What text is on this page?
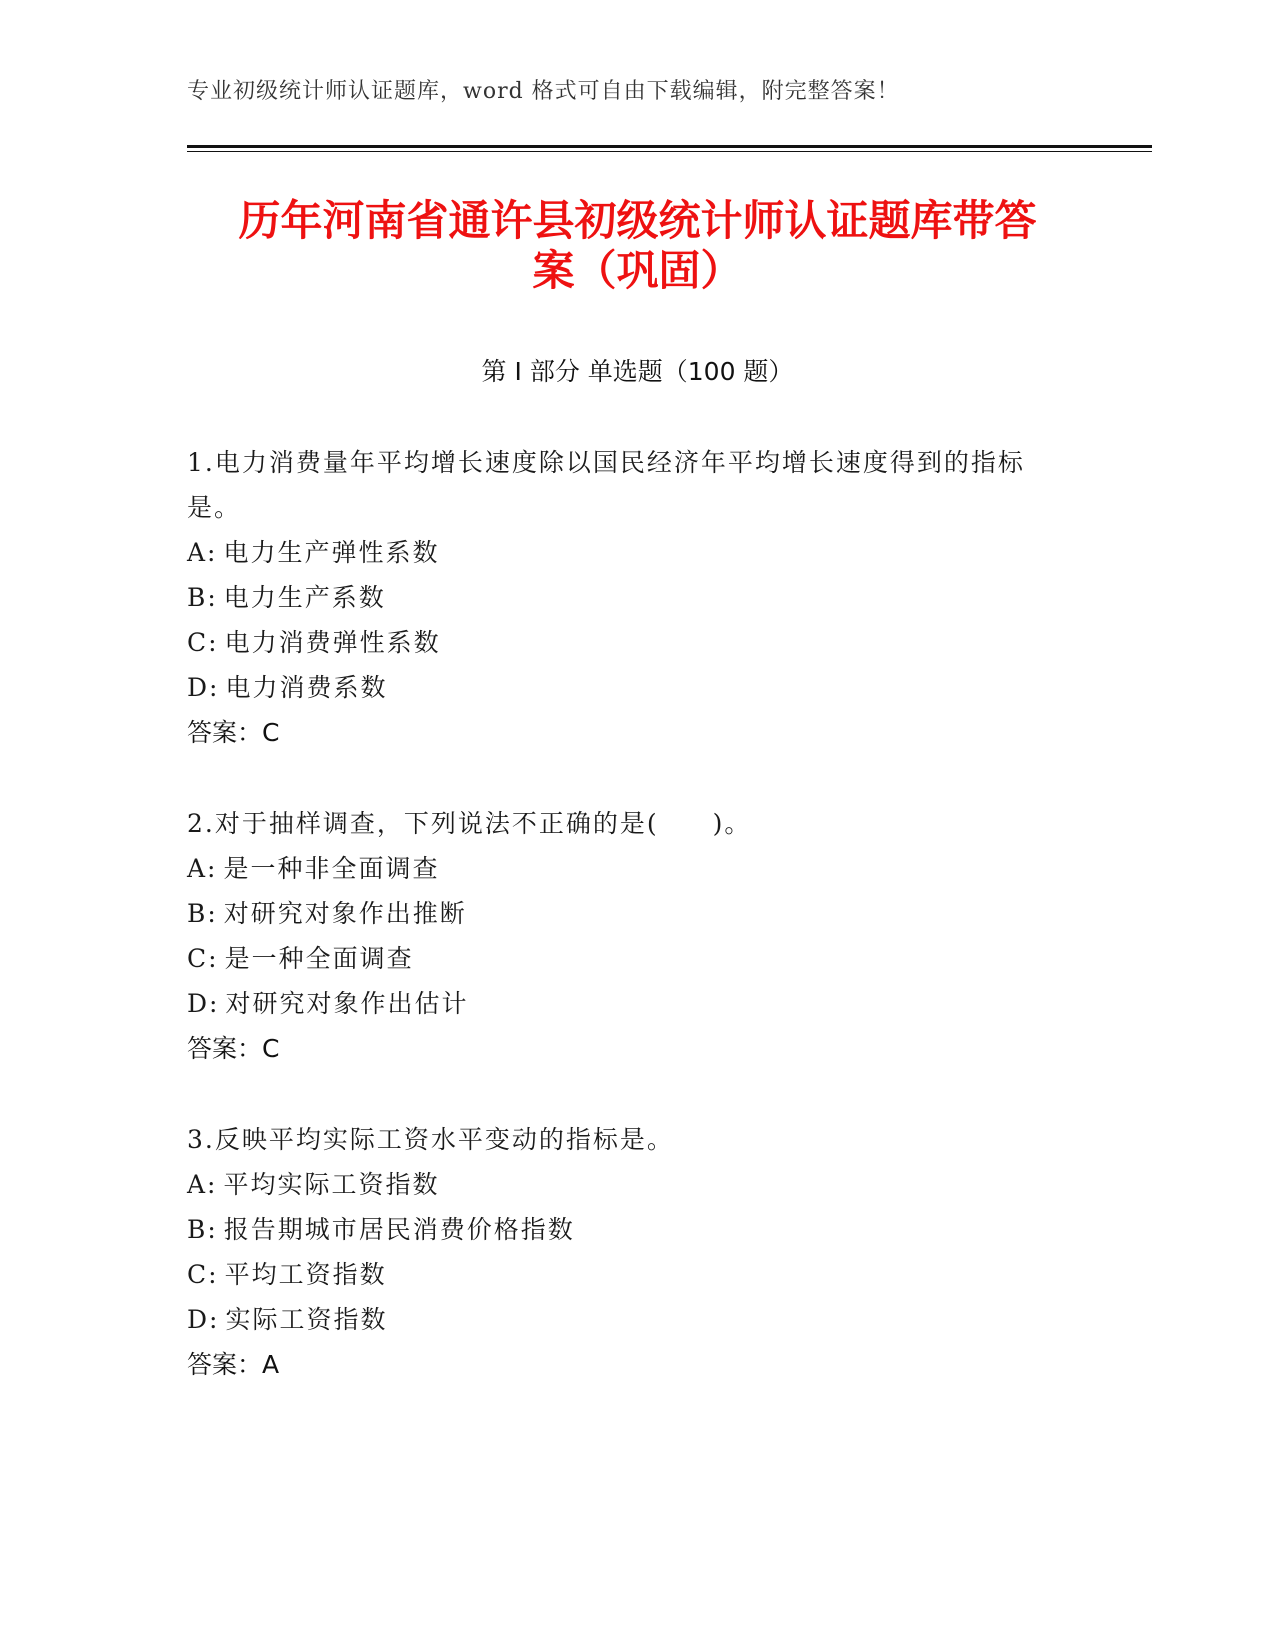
专业初级统计师认证题库，word 格式可自由下载编辑，附完整答案！
历年河南省通许县初级统计师认证题库带答
案（巩固）
第 I 部分 单选题（100 题）
1.电力消费量年平均增长速度除以国民经济年平均增长速度得到的指标是。
A: 电力生产弹性系数
B: 电力生产系数
C: 电力消费弹性系数
D: 电力消费系数
答案：C
2.对于抽样调查，下列说法不正确的是(　　)。
A: 是一种非全面调查
B: 对研究对象作出推断
C: 是一种全面调查
D: 对研究对象作出估计
答案：C
3.反映平均实际工资水平变动的指标是。
A: 平均实际工资指数
B: 报告期城市居民消费价格指数
C: 平均工资指数
D: 实际工资指数
答案：A
